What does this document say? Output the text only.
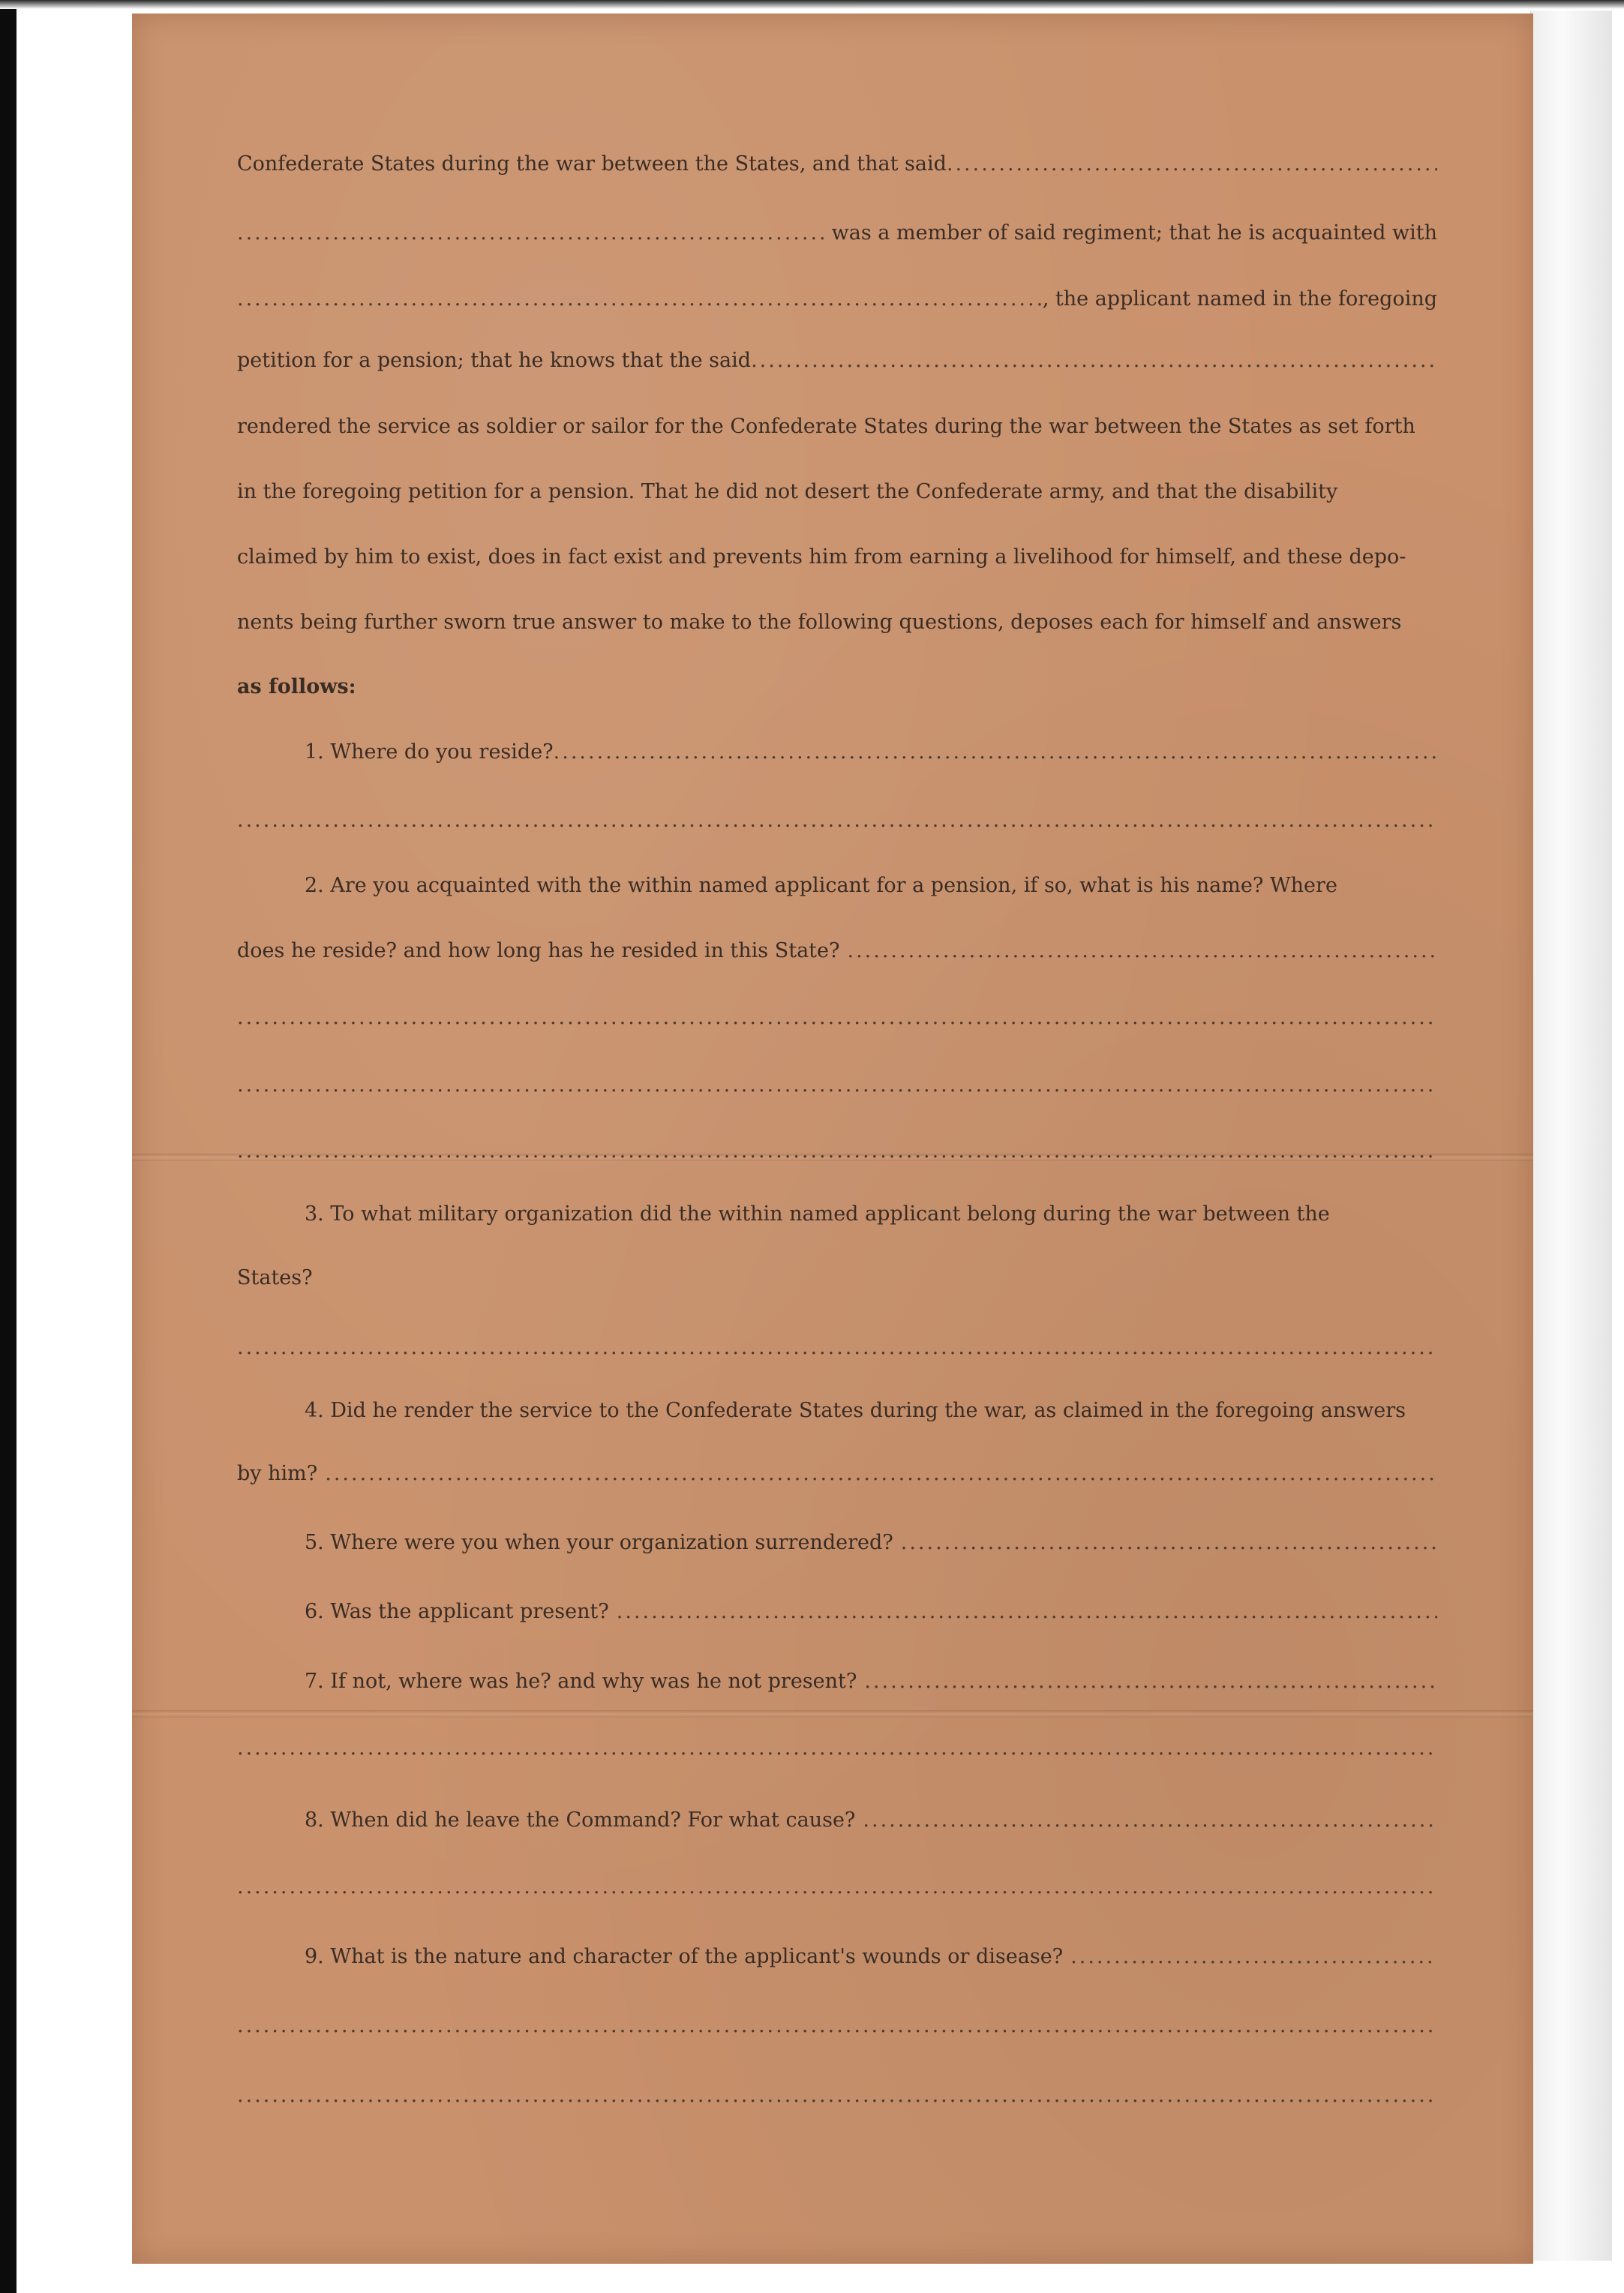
Confederate States during the war between the States, and that said
.....
.....
was a member of said regiment; that he is acquainted with
.....
, the applicant named in the foregoing
petition for a pension; that he knows that the said
.....
rendered the service as soldier or sailor for the Confederate States during the war between the States as set forth
in the foregoing petition for a pension. That he did not desert the Confederate army, and that the disability
claimed by him to exist, does in fact exist and prevents him from earning a livelihood for himself, and these depo-
nents being further sworn true answer to make to the following questions, deposes each for himself and answers
as follows:
1. Where do you reside?
.....
.....
2. Are you acquainted with the within named applicant for a pension, if so, what is his name? Where
does he reside? and how long has he resided in this State?
.....
.....
.....
.....
3. To what military organization did the within named applicant belong during the war between the
States?
.....
4. Did he render the service to the Confederate States during the war, as claimed in the foregoing answers
by him?
.....
5. Where were you when your organization surrendered?
.....
6. Was the applicant present?
.....
7. If not, where was he? and why was he not present?
.....
.....
8. When did he leave the Command? For what cause?
.....
.....
9. What is the nature and character of the applicant's wounds or disease?
.....
.....
.....
